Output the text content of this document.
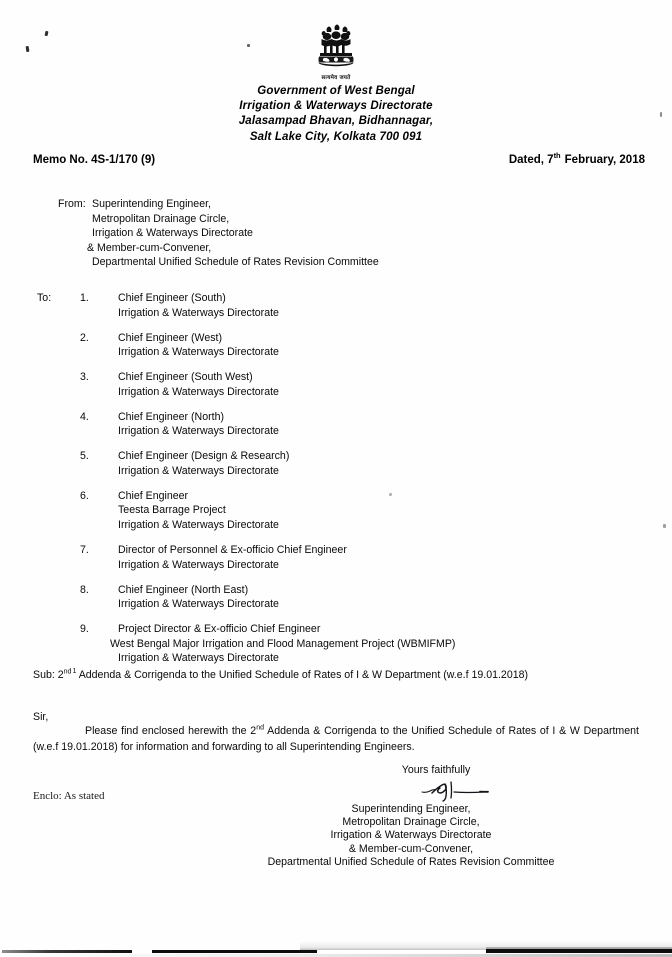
सत्यमेव जयते
Government of West Bengal
Irrigation & Waterways Directorate
Jalasampad Bhavan, Bidhannagar,
Salt Lake City, Kolkata 700 091
Memo No. 4S-1/170 (9)	Dated, 7th February, 2018
From: Superintending Engineer,
Metropolitan Drainage Circle,
Irrigation & Waterways Directorate
& Member-cum-Convener,
Departmental Unified Schedule of Rates Revision Committee
To:	1.	Chief Engineer (South)
Irrigation & Waterways Directorate
2.	Chief Engineer (West)
Irrigation & Waterways Directorate
3.	Chief Engineer (South West)
Irrigation & Waterways Directorate
4.	Chief Engineer (North)
Irrigation & Waterways Directorate
5.	Chief Engineer (Design & Research)
Irrigation & Waterways Directorate
6.	Chief Engineer
Teesta Barrage Project
Irrigation & Waterways Directorate
7.	Director of Personnel & Ex-officio Chief Engineer
Irrigation & Waterways Directorate
8.	Chief Engineer (North East)
Irrigation & Waterways Directorate
9.	Project Director & Ex-officio Chief Engineer
West Bengal Major Irrigation and Flood Management Project (WBMIFMP)
Irrigation & Waterways Directorate
Sub: $2^{nd1}$ Addenda & Corrigenda to the Unified Schedule of Rates of I & W Department (w.e.f 19.01.2018)
Sir,
Please find enclosed herewith the 2nd Addenda & Corrigenda to the Unified Schedule of Rates of I & W Department (w.e.f 19.01.2018) for information and forwarding to all Superintending Engineers.
Yours faithfully
Superintending Engineer,
Metropolitan Drainage Circle,
Irrigation & Waterways Directorate
& Member-cum-Convener,
Departmental Unified Schedule of Rates Revision Committee
Enclo: As stated
